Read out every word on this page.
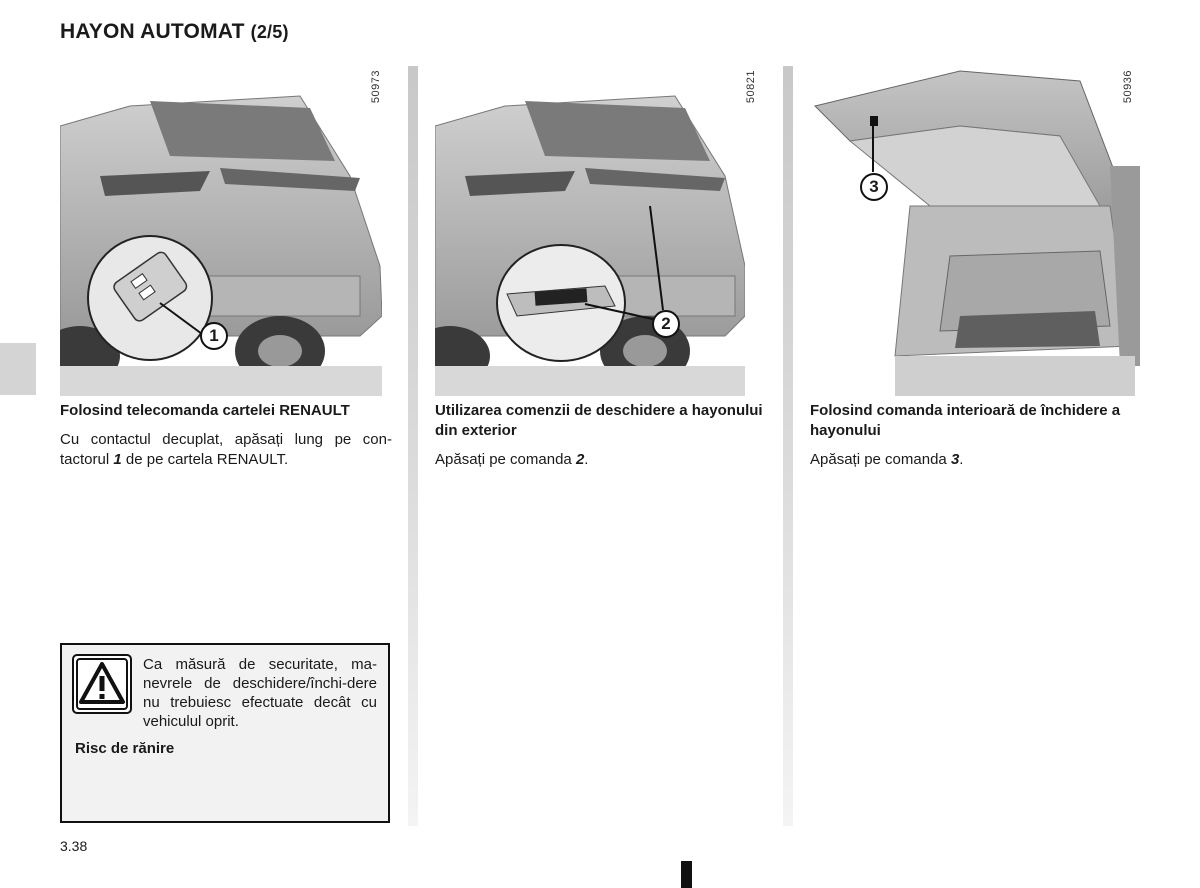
HAYON AUTOMAT (2/5)
50973
1
50821
2
50936
3
Folosind telecomanda cartelei RENAULT

Cu contactul decuplat, apăsați lung pe con-tactorul 1 de pe cartela RENAULT.

Utilizarea comenzii de deschidere a hayonului din exterior

Apăsați pe comanda 2.

Folosind comanda interioară de închidere a hayonului

Apăsați pe comanda 3.

Ca măsură de securitate, ma-nevrele de deschidere/închi-dere nu trebuiesc efectuate decât cu vehiculul oprit.
Risc de rănire
3.38
